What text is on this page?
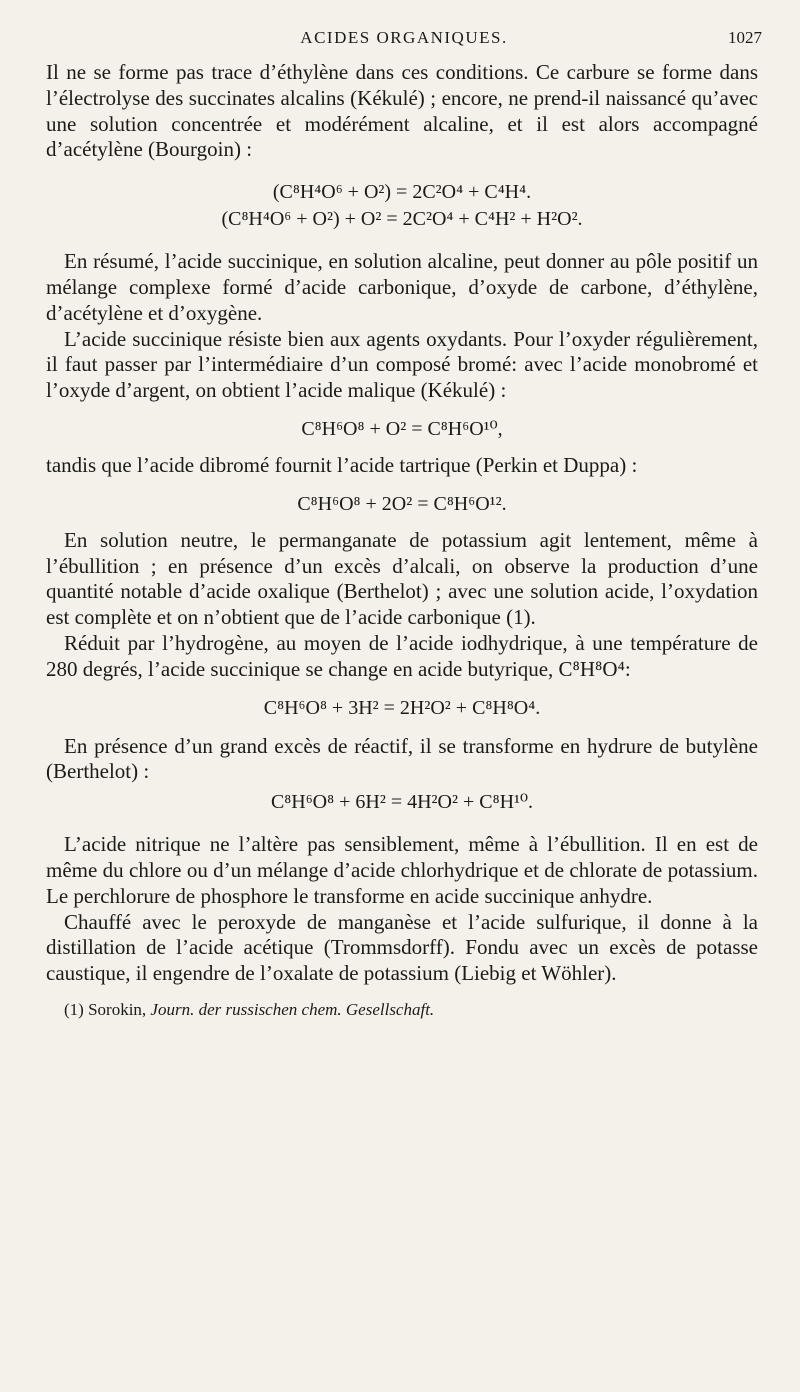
ACIDES ORGANIQUES.	1027

Il ne se forme pas trace d’éthylène dans ces conditions. Ce carbure se forme dans l’électrolyse des succinates alcalins (Kékulé) ; encore, ne prend-il naissancé qu’avec une solution concentrée et modérément alcaline, et il est alors accompagné d’acétylène (Bourgoin) :

(C⁸H⁴O⁶ + O²) = 2C²O⁴ + C⁴H⁴.
(C⁸H⁴O⁶ + O²) + O² = 2C²O⁴ + C⁴H² + H²O².

En résumé, l’acide succinique, en solution alcaline, peut donner au pôle positif un mélange complexe formé d’acide carbonique, d’oxyde de carbone, d’éthylène, d’acétylène et d’oxygène.

L’acide succinique résiste bien aux agents oxydants. Pour l’oxyder régulièrement, il faut passer par l’intermédiaire d’un composé bromé: avec l’acide monobromé et l’oxyde d’argent, on obtient l’acide malique (Kékulé) :

C⁸H⁶O⁸ + O² = C⁸H⁶O¹⁰,

tandis que l’acide dibromé fournit l’acide tartrique (Perkin et Duppa) :

C⁸H⁶O⁸ + 2O² = C⁸H⁶O¹².

En solution neutre, le permanganate de potassium agit lentement, même à l’ébullition ; en présence d’un excès d’alcali, on observe la production d’une quantité notable d’acide oxalique (Berthelot) ; avec une solution acide, l’oxydation est complète et on n’obtient que de l’acide carbonique (1).

Réduit par l’hydrogène, au moyen de l’acide iodhydrique, à une température de 280 degrés, l’acide succinique se change en acide butyrique, C⁸H⁸O⁴:

C⁸H⁶O⁸ + 3H² = 2H²O² + C⁸H⁸O⁴.

En présence d’un grand excès de réactif, il se transforme en hydrure de butylène (Berthelot) :

C⁸H⁶O⁸ + 6H² = 4H²O² + C⁸H¹⁰.

L’acide nitrique ne l’altère pas sensiblement, même à l’ébullition. Il en est de même du chlore ou d’un mélange d’acide chlorhydrique et de chlorate de potassium. Le perchlorure de phosphore le transforme en acide succinique anhydre.

Chauffé avec le peroxyde de manganèse et l’acide sulfurique, il donne à la distillation de l’acide acétique (Trommsdorff). Fondu avec un excès de potasse caustique, il engendre de l’oxalate de potassium (Liebig et Wöhler).

(1) Sorokin, Journ. der russischen chem. Gesellschaft.
